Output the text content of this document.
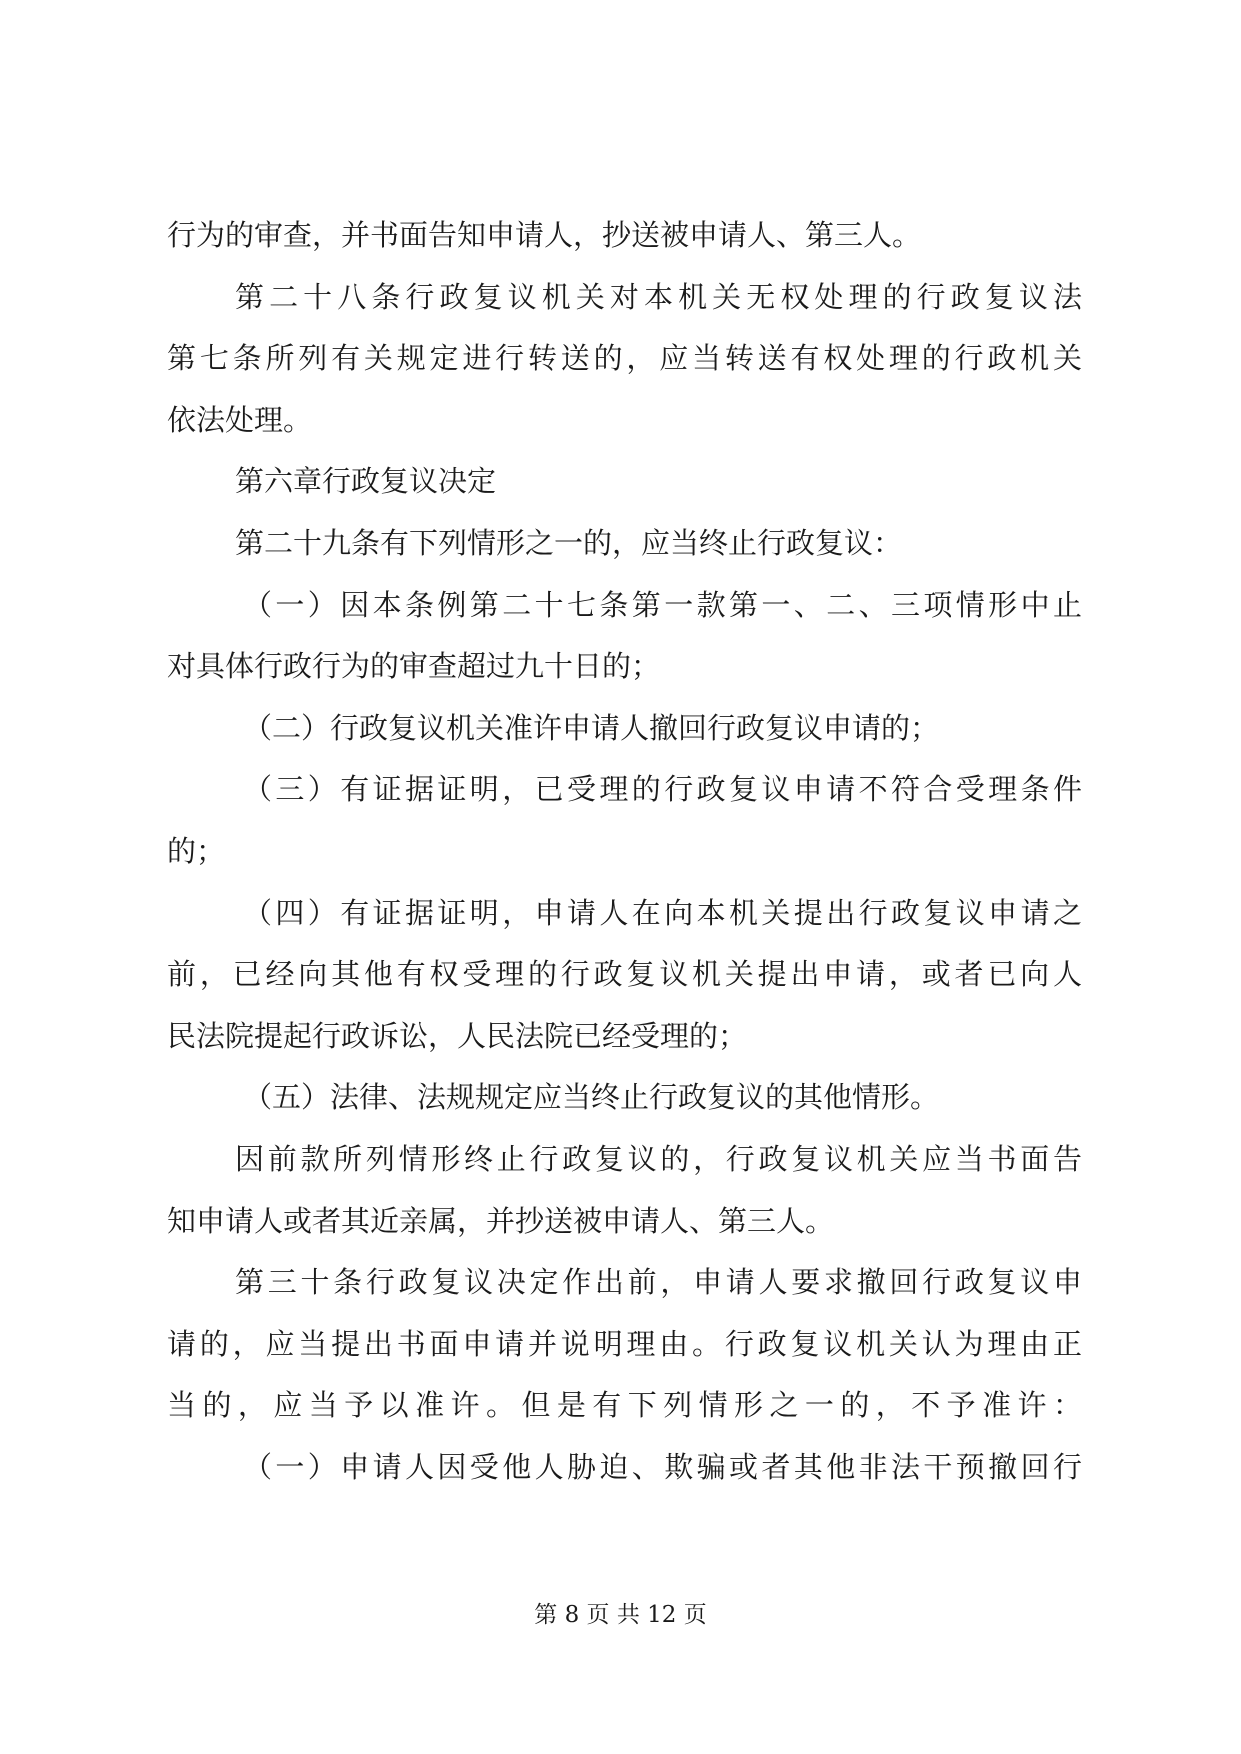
行为的审查，并书面告知申请人，抄送被申请人、第三人。
第二十八条行政复议机关对本机关无权处理的行政复议法
第七条所列有关规定进行转送的，应当转送有权处理的行政机关
依法处理。
第六章行政复议决定
第二十九条有下列情形之一的，应当终止行政复议：
（一）因本条例第二十七条第一款第一、二、三项情形中止
对具体行政行为的审查超过九十日的；
（二）行政复议机关准许申请人撤回行政复议申请的；
（三）有证据证明，已受理的行政复议申请不符合受理条件
的；
（四）有证据证明，申请人在向本机关提出行政复议申请之
前，已经向其他有权受理的行政复议机关提出申请，或者已向人
民法院提起行政诉讼，人民法院已经受理的；
（五）法律、法规规定应当终止行政复议的其他情形。
因前款所列情形终止行政复议的，行政复议机关应当书面告
知申请人或者其近亲属，并抄送被申请人、第三人。
第三十条行政复议决定作出前，申请人要求撤回行政复议申
请的，应当提出书面申请并说明理由。行政复议机关认为理由正
当的，应当予以准许。但是有下列情形之一的，不予准许：
（一）申请人因受他人胁迫、欺骗或者其他非法干预撤回行
第 8 页 共 12 页
